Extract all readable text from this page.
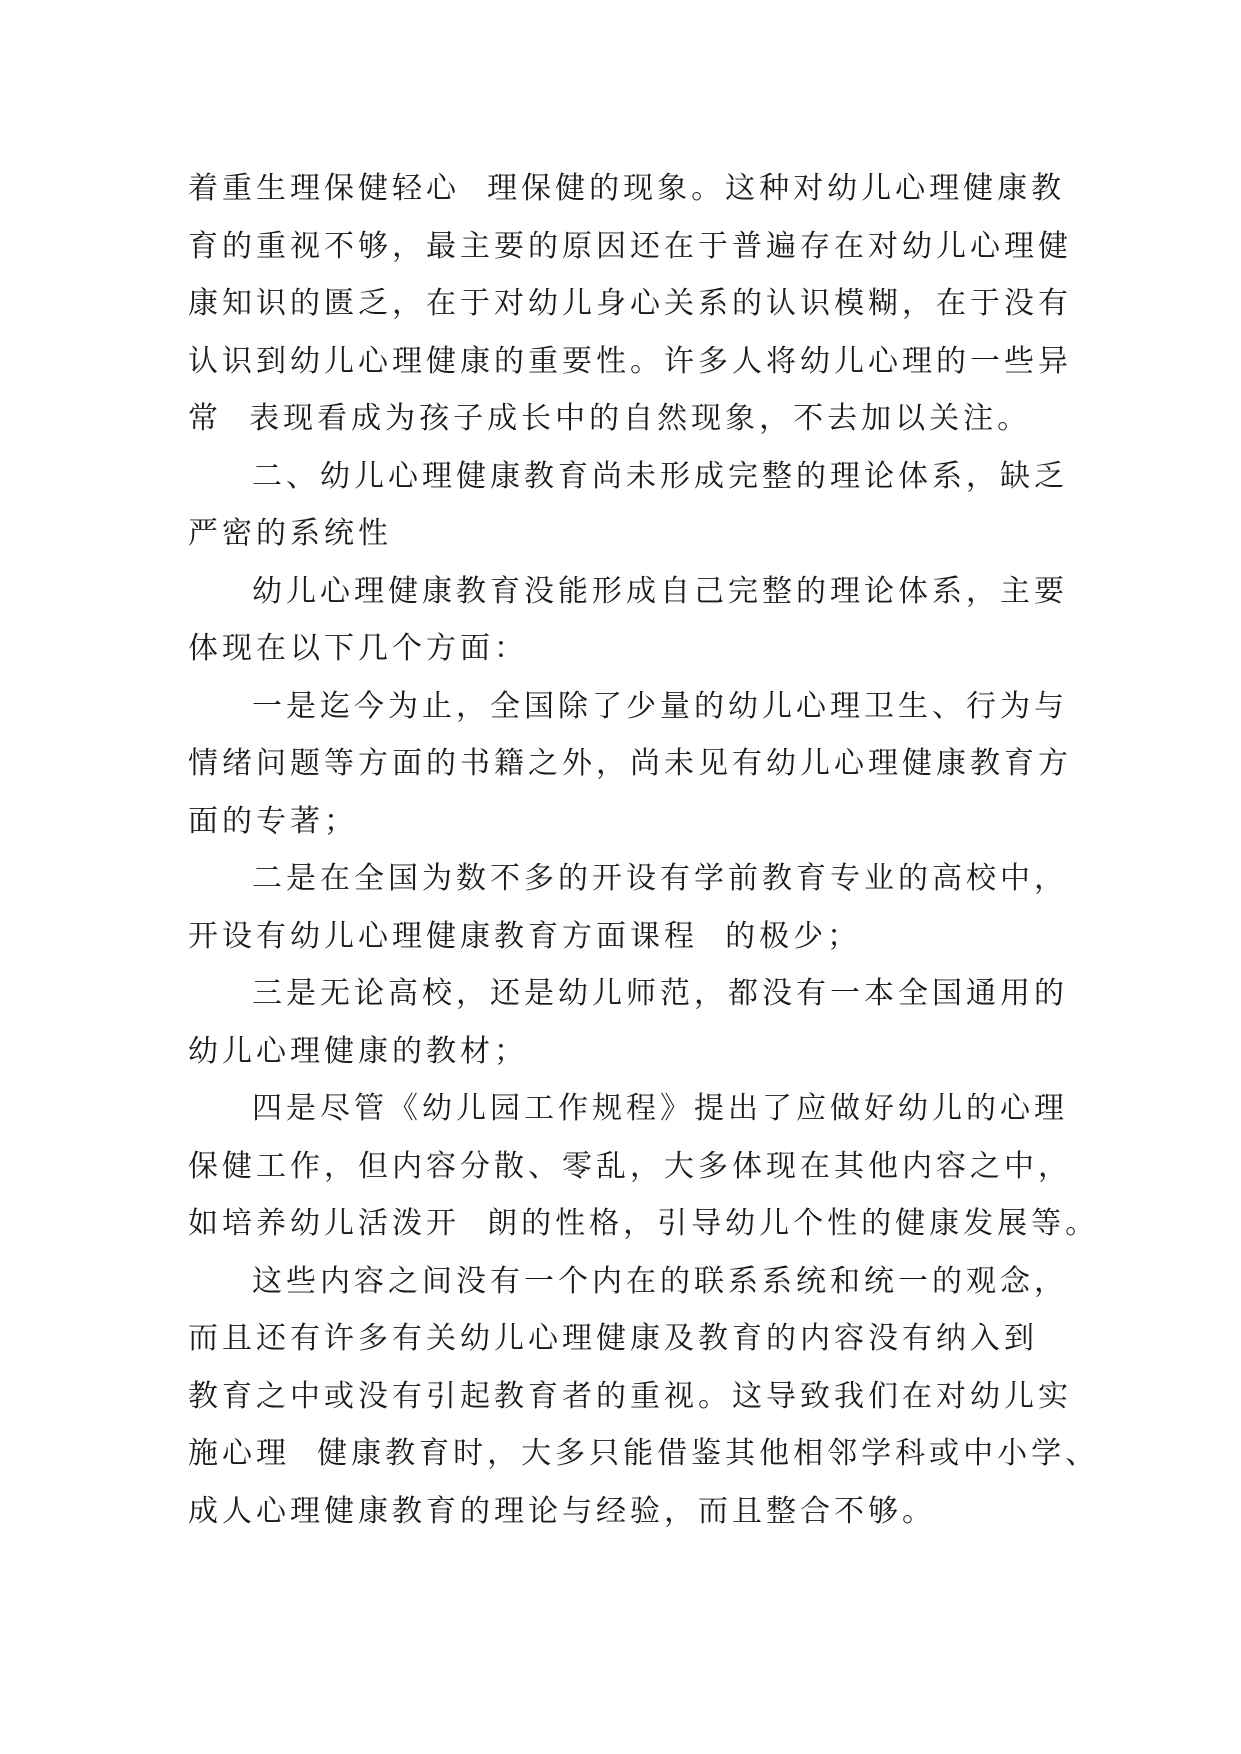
着重生理保健轻心  理保健的现象。这种对幼儿心理健康教
育的重视不够，最主要的原因还在于普遍存在对幼儿心理健
康知识的匮乏，在于对幼儿身心关系的认识模糊，在于没有
认识到幼儿心理健康的重要性。许多人将幼儿心理的一些异
常  表现看成为孩子成长中的自然现象，不去加以关注。
二、幼儿心理健康教育尚未形成完整的理论体系，缺乏
严密的系统性
幼儿心理健康教育没能形成自己完整的理论体系，主要
体现在以下几个方面：
一是迄今为止，全国除了少量的幼儿心理卫生、行为与
情绪问题等方面的书籍之外，尚未见有幼儿心理健康教育方
面的专著；
二是在全国为数不多的开设有学前教育专业的高校中，
开设有幼儿心理健康教育方面课程  的极少；
三是无论高校，还是幼儿师范，都没有一本全国通用的
幼儿心理健康的教材；
四是尽管《幼儿园工作规程》提出了应做好幼儿的心理
保健工作，但内容分散、零乱，大多体现在其他内容之中，
如培养幼儿活泼开  朗的性格，引导幼儿个性的健康发展等。
这些内容之间没有一个内在的联系系统和统一的观念，
而且还有许多有关幼儿心理健康及教育的内容没有纳入到
教育之中或没有引起教育者的重视。这导致我们在对幼儿实
施心理  健康教育时，大多只能借鉴其他相邻学科或中小学、
成人心理健康教育的理论与经验，而且整合不够。
